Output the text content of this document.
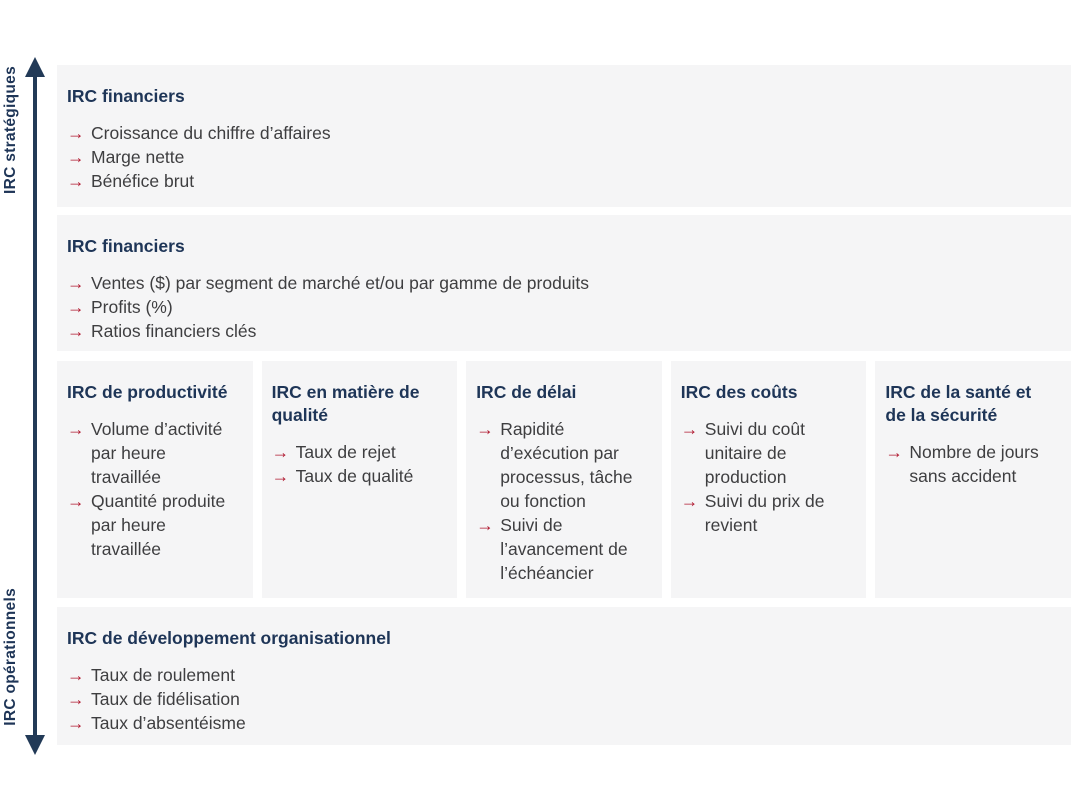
IRC stratégiques
IRC opérationnels
IRC financiers
→ Croissance du chiffre d’affaires
→ Marge nette
→ Bénéfice brut
IRC financiers
→ Ventes ($) par segment de marché et/ou par gamme de produits
→ Profits (%)
→ Ratios financiers clés
IRC de productivité
→ Volume d’activité par heure travaillée
→ Quantité produite par heure travaillée
IRC en matière de qualité
→ Taux de rejet
→ Taux de qualité
IRC de délai
→ Rapidité d’exécution par processus, tâche ou fonction
→ Suivi de l’avancement de l’échéancier
IRC des coûts
→ Suivi du coût unitaire de production
→ Suivi du prix de revient
IRC de la santé et de la sécurité
→ Nombre de jours sans accident
IRC de développement organisationnel
→ Taux de roulement
→ Taux de fidélisation
→ Taux d’absentéisme
